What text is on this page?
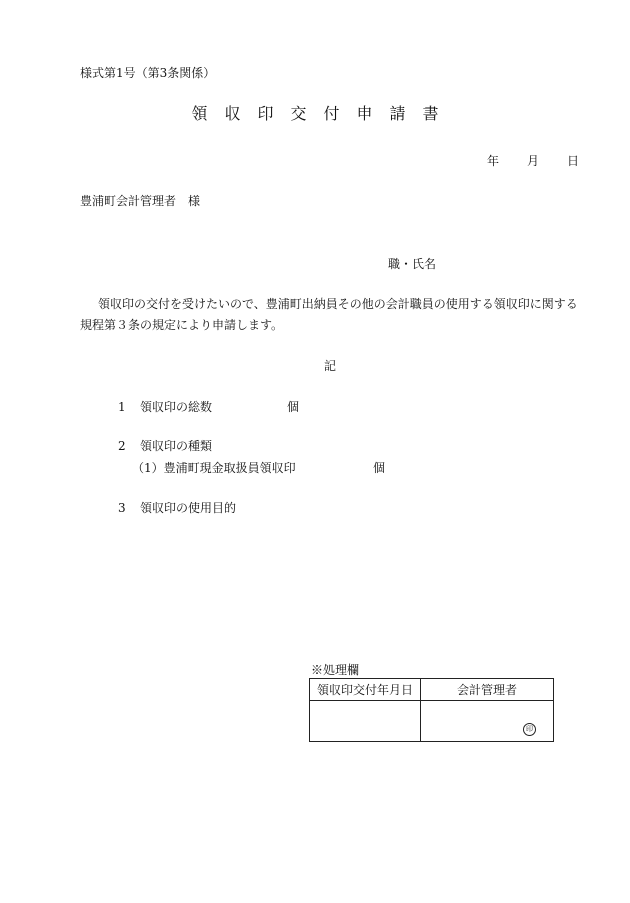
様式第1号（第3条関係）
領収印交付申請書
年 月 日
豊浦町会計管理者　様
職・氏名
領収印の交付を受けたいので、豊浦町出納員その他の会計職員の使用する領収印に関する規程第３条の規定により申請します。
記
1 領収印の総数	個
2 領収印の種類
（1）豊浦町現金取扱員領収印	個
3 領収印の使用目的
※処理欄
領収印交付年月日	会計管理者

	印
